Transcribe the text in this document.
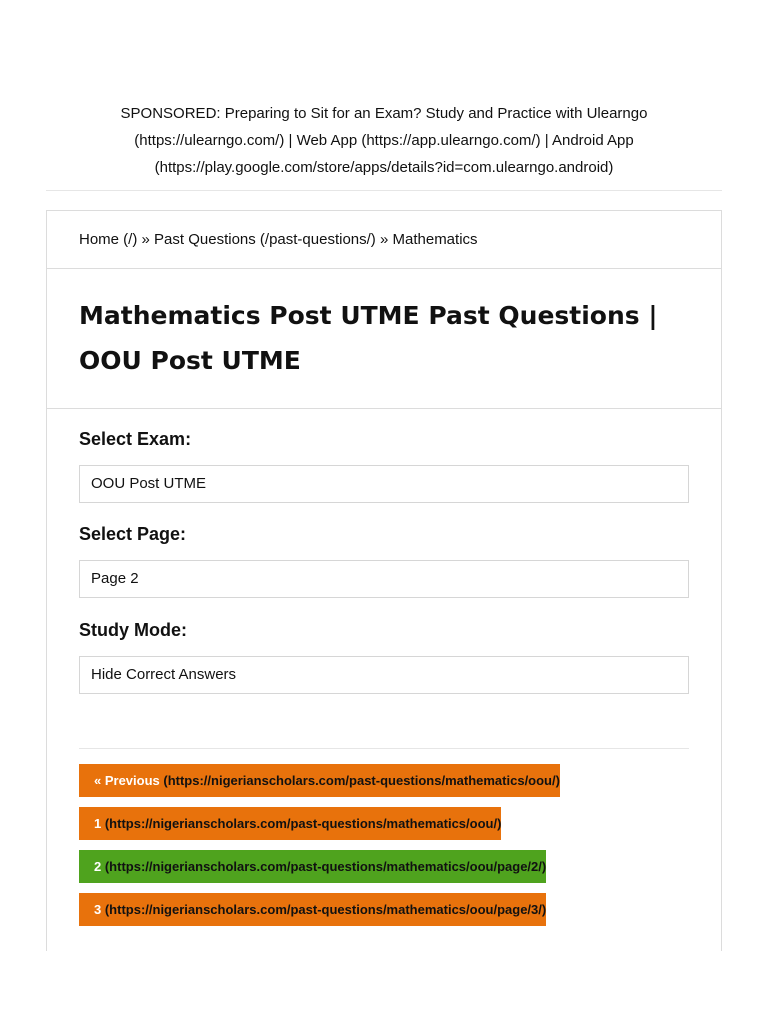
SPONSORED: Preparing to Sit for an Exam? Study and Practice with Ulearngo
(https://ulearngo.com/) | Web App (https://app.ulearngo.com/) | Android App
(https://play.google.com/store/apps/details?id=com.ulearngo.android)
Home (/) » Past Questions (/past-questions/) » Mathematics
Mathematics Post UTME Past Questions | OOU Post UTME
Select Exam:
OOU Post UTME
Select Page:
Page 2
Study Mode:
Hide Correct Answers
« Previous (https://nigerianscholars.com/past-questions/mathematics/oou/)
1 (https://nigerianscholars.com/past-questions/mathematics/oou/)
2 (https://nigerianscholars.com/past-questions/mathematics/oou/page/2/)
3 (https://nigerianscholars.com/past-questions/mathematics/oou/page/3/)
